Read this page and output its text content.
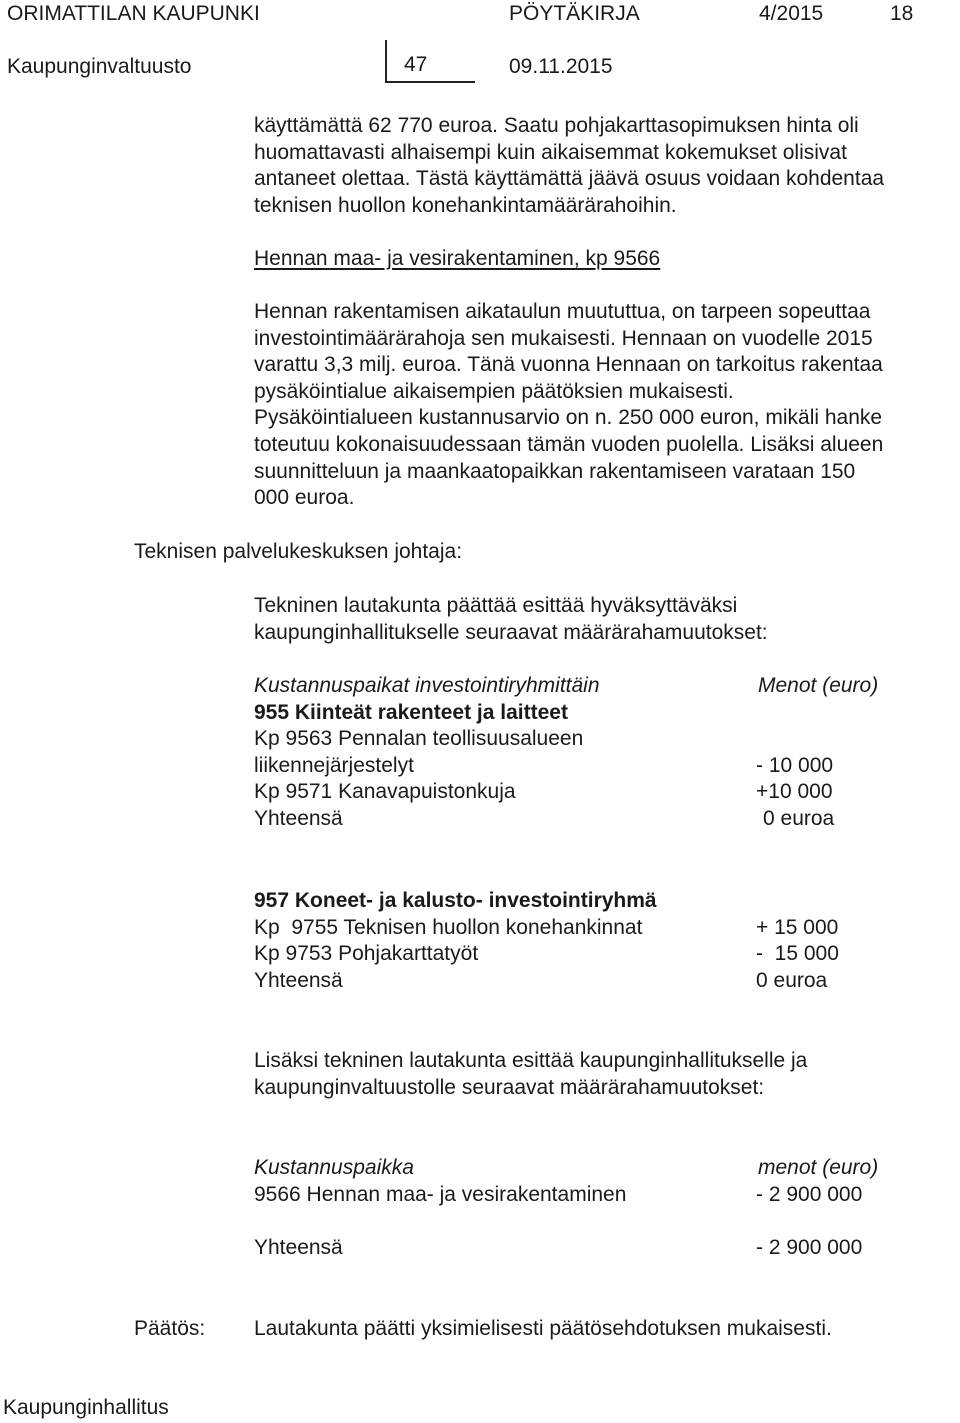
ORIMATTILAN KAUPUNKI	PÖYTÄKIRJA	4/2015	18
Kaupunginvaltuusto	47	09.11.2015
käyttämättä 62 770 euroa. Saatu pohjakarttasopimuksen hinta oli
huomattavasti alhaisempi kuin aikaisemmat kokemukset olisivat
antaneet olettaa. Tästä käyttämättä jäävä osuus voidaan kohdentaa
teknisen huollon konehankintamäärärahoihin.
Hennan maa- ja vesirakentaminen, kp 9566
Hennan rakentamisen aikataulun muututtua, on tarpeen sopeuttaa
investointimäärärahoja sen mukaisesti. Hennaan on vuodelle 2015
varattu 3,3 milj. euroa. Tänä vuonna Hennaan on tarkoitus rakentaa
pysäköintialue aikaisempien päätöksien mukaisesti.
Pysäköintialueen kustannusarvio on n. 250 000 euron, mikäli hanke
toteutuu kokonaisuudessaan tämän vuoden puolella. Lisäksi alueen
suunnitteluun ja maankaatopaikkan rakentamiseen varataan 150
000 euroa.
Teknisen palvelukeskuksen johtaja:
Tekninen lautakunta päättää esittää hyväksyttäväksi
kaupunginhallitukselle seuraavat määrärahamuutokset:
Kustannuspaikat investointiryhmittäin	Menot (euro)
955 Kiinteät rakenteet ja laitteet
Kp 9563 Pennalan teollisuusalueen
liikennejärjestelyt	- 10 000
Kp 9571 Kanavapuistonkuja	+10 000
Yhteensä	0 euroa
957 Koneet- ja kalusto- investointiryhmä
Kp  9755 Teknisen huollon konehankinnat	+ 15 000
Kp 9753 Pohjakarttatyöt	-  15 000
Yhteensä	0 euroa
Lisäksi tekninen lautakunta esittää kaupunginhallitukselle ja
kaupunginvaltuustolle seuraavat määrärahamuutokset:
Kustannuspaikka	menot (euro)
9566 Hennan maa- ja vesirakentaminen	- 2 900 000
Yhteensä	- 2 900 000
Päätös: Lautakunta päätti yksimielisesti päätösehdotuksen mukaisesti.
Kaupunginhallitus
